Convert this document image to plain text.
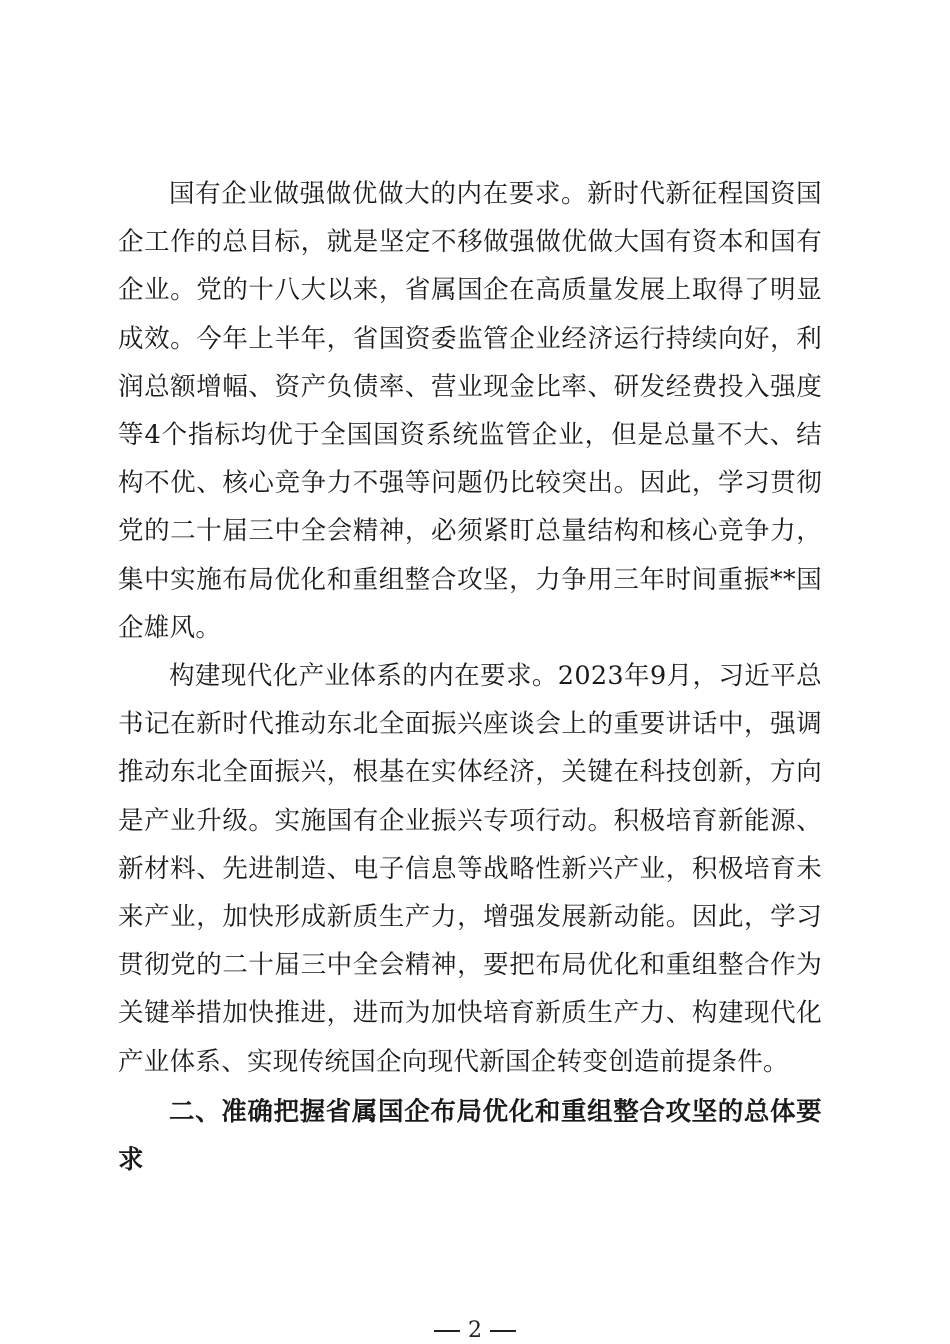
国有企业做强做优做大的内在要求。新时代新征程国资国企工作的总目标，就是坚定不移做强做优做大国有资本和国有企业。党的十八大以来，省属国企在高质量发展上取得了明显成效。今年上半年，省国资委监管企业经济运行持续向好，利润总额增幅、资产负债率、营业现金比率、研发经费投入强度等4个指标均优于全国国资系统监管企业，但是总量不大、结构不优、核心竞争力不强等问题仍比较突出。因此，学习贯彻党的二十届三中全会精神，必须紧盯总量结构和核心竞争力，集中实施布局优化和重组整合攻坚，力争用三年时间重振**国企雄风。

构建现代化产业体系的内在要求。2023年9月，习近平总书记在新时代推动东北全面振兴座谈会上的重要讲话中，强调推动东北全面振兴，根基在实体经济，关键在科技创新，方向是产业升级。实施国有企业振兴专项行动。积极培育新能源、新材料、先进制造、电子信息等战略性新兴产业，积极培育未来产业，加快形成新质生产力，增强发展新动能。因此，学习贯彻党的二十届三中全会精神，要把布局优化和重组整合作为关键举措加快推进，进而为加快培育新质生产力、构建现代化产业体系、实现传统国企向现代新国企转变创造前提条件。

二、准确把握省属国企布局优化和重组整合攻坚的总体要求

2
